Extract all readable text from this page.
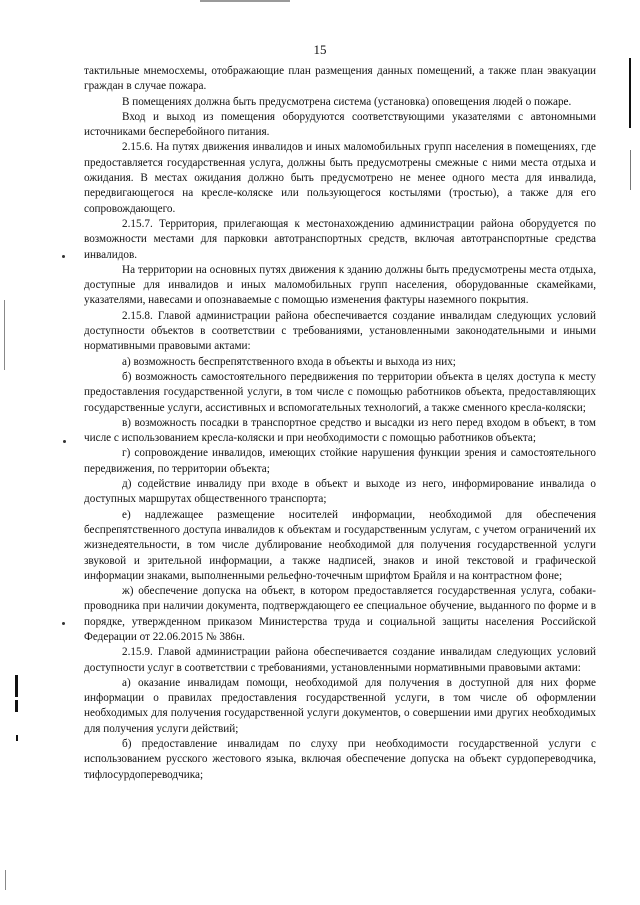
15

тактильные мнемосхемы, отображающие план размещения данных помещений, а также план эвакуации граждан в случае пожара.

В помещениях должна быть предусмотрена система (установка) оповещения людей о пожаре.

Вход и выход из помещения оборудуются соответствующими указателями с автономными источниками бесперебойного питания.

2.15.6. На путях движения инвалидов и иных маломобильных групп населения в помещениях, где предоставляется государственная услуга, должны быть предусмотрены смежные с ними места отдыха и ожидания. В местах ожидания должно быть предусмотрено не менее одного места для инвалида, передвигающегося на кресле-коляске или пользующегося костылями (тростью), а также для его сопровождающего.

2.15.7. Территория, прилегающая к местонахождению администрации района оборудуется по возможности местами для парковки автотранспортных средств, включая автотранспортные средства инвалидов.

На территории на основных путях движения к зданию должны быть предусмотрены места отдыха, доступные для инвалидов и иных маломобильных групп населения, оборудованные скамейками, указателями, навесами и опознаваемые с помощью изменения фактуры наземного покрытия.

2.15.8. Главой администрации района обеспечивается создание инвалидам следующих условий доступности объектов в соответствии с требованиями, установленными законодательными и иными нормативными правовыми актами:

а) возможность беспрепятственного входа в объекты и выхода из них;

б) возможность самостоятельного передвижения по территории объекта в целях доступа к месту предоставления государственной услуги, в том числе с помощью работников объекта, предоставляющих государственные услуги, ассистивных и вспомогательных технологий, а также сменного кресла-коляски;

в) возможность посадки в транспортное средство и высадки из него перед входом в объект, в том числе с использованием кресла-коляски и при необходимости с помощью работников объекта;

г) сопровождение инвалидов, имеющих стойкие нарушения функции зрения и самостоятельного передвижения, по территории объекта;

д) содействие инвалиду при входе в объект и выходе из него, информирование инвалида о доступных маршрутах общественного транспорта;

е) надлежащее размещение носителей информации, необходимой для обеспечения беспрепятственного доступа инвалидов к объектам и государственным услугам, с учетом ограничений их жизнедеятельности, в том числе дублирование необходимой для получения государственной услуги звуковой и зрительной информации, а также надписей, знаков и иной текстовой и графической информации знаками, выполненными рельефно-точечным шрифтом Брайля и на контрастном фоне;

ж) обеспечение допуска на объект, в котором предоставляется государственная услуга, собаки-проводника при наличии документа, подтверждающего ее специальное обучение, выданного по форме и в порядке, утвержденном приказом Министерства труда и социальной защиты населения Российской Федерации от 22.06.2015 № 386н.

2.15.9. Главой администрации района обеспечивается создание инвалидам следующих условий доступности услуг в соответствии с требованиями, установленными нормативными правовыми актами:

а) оказание инвалидам помощи, необходимой для получения в доступной для них форме информации о правилах предоставления государственной услуги, в том числе об оформлении необходимых для получения государственной услуги документов, о совершении ими других необходимых для получения услуги действий;

б) предоставление инвалидам по слуху при необходимости государственной услуги с использованием русского жестового языка, включая обеспечение допуска на объект сурдопереводчика, тифлосурдопереводчика;
